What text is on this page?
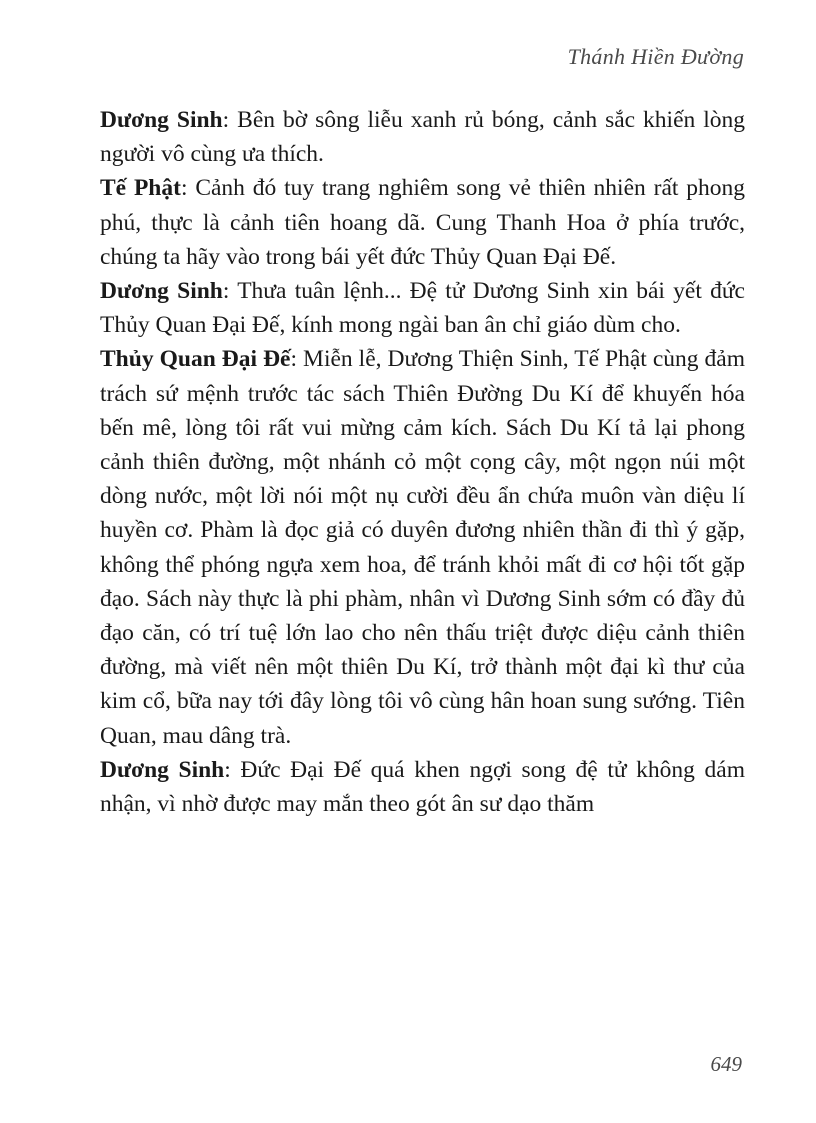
Thánh Hiền Đường

Dương Sinh: Bên bờ sông liễu xanh rủ bóng, cảnh sắc khiến lòng người vô cùng ưa thích.

Tế Phật: Cảnh đó tuy trang nghiêm song vẻ thiên nhiên rất phong phú, thực là cảnh tiên hoang dã. Cung Thanh Hoa ở phía trước, chúng ta hãy vào trong bái yết đức Thủy Quan Đại Đế.

Dương Sinh: Thưa tuân lệnh... Đệ tử Dương Sinh xin bái yết đức Thủy Quan Đại Đế, kính mong ngài ban ân chỉ giáo dùm cho.

Thủy Quan Đại Đế: Miễn lễ, Dương Thiện Sinh, Tế Phật cùng đảm trách sứ mệnh trước tác sách Thiên Đường Du Kí để khuyến hóa bến mê, lòng tôi rất vui mừng cảm kích. Sách Du Kí tả lại phong cảnh thiên đường, một nhánh cỏ một cọng cây, một ngọn núi một dòng nước, một lời nói một nụ cười đều ẩn chứa muôn vàn diệu lí huyền cơ. Phàm là đọc giả có duyên đương nhiên thần đi thì ý gặp, không thể phóng ngựa xem hoa, để tránh khỏi mất đi cơ hội tốt gặp đạo. Sách này thực là phi phàm, nhân vì Dương Sinh sớm có đầy đủ đạo căn, có trí tuệ lớn lao cho nên thấu triệt được diệu cảnh thiên đường, mà viết nên một thiên Du Kí, trở thành một đại kì thư của kim cổ, bữa nay tới đây lòng tôi vô cùng hân hoan sung sướng. Tiên Quan, mau dâng trà.

Dương Sinh: Đức Đại Đế quá khen ngợi song đệ tử không dám nhận, vì nhờ được may mắn theo gót ân sư dạo thăm

649
